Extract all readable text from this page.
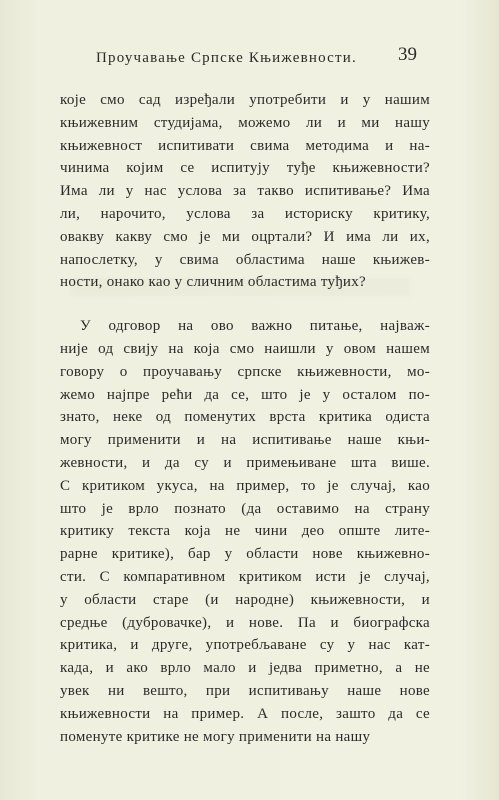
Проучавање Српске Књижевности.	39

које смо сад изређали употребити и у нашим
књижевним студијама, можемо ли и ми нашу
књижевност испитивати свима методима и на-
чинима којим се испитују туђе књижевности?
Има ли у нас услова за такво испитивање? Има
ли, нарочито, услова за историску критику,
овакву какву смо је ми оцртали? И има ли их,
напослетку, у свима областима наше књижев-
ности, онако као у сличним областима туђих?

У одговор на ово важно питање, најваж-
није од свију на која смо наишли у овом нашем
говору о проучавању српске књижевности, мо-
жемо најпре рећи да се, што је у осталом по-
знато, неке од поменутих врста критика одиста
могу применити и на испитивање наше књи-
жевности, и да су и примењиване шта више.
С критиком укуса, на пример, то је случај, као
што је врло познато (да оставимо на страну
критику текста која не чини део опште лите-
рарне критике), бар у области нове књижевно-
сти. С компаративном критиком исти је случај,
у области старе (и народне) књижевности, и
средње (дубровачке), и нове. Па и биографска
критика, и друге, употребљаване су у нас кат-
када, и ако врло мало и једва приметно, а не
увек ни вешто, при испитивању наше нове
књижевности на пример. А после, зашто да се
поменуте критике не могу применити на нашу
